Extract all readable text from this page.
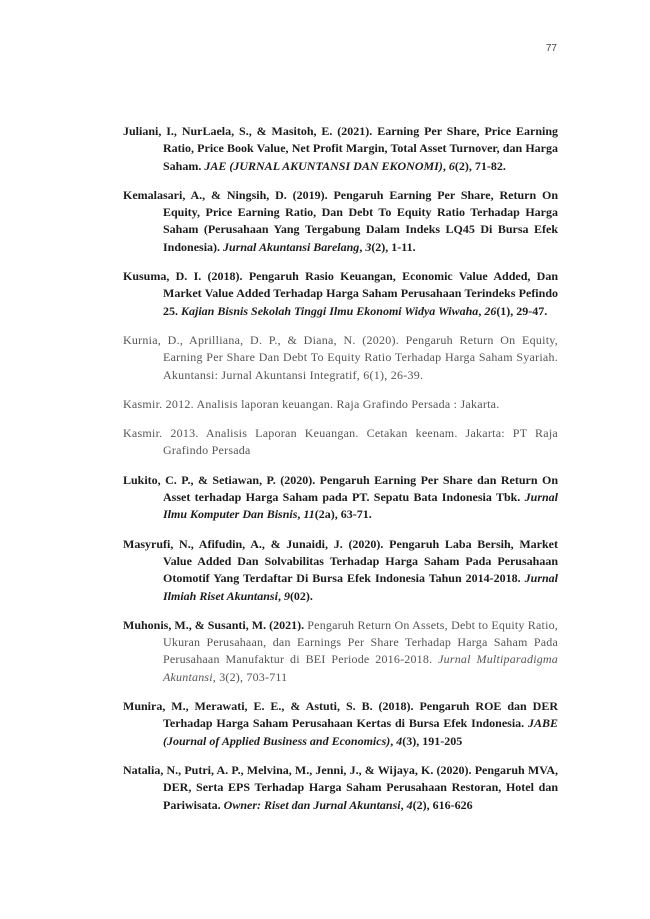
77

Juliani, I., NurLaela, S., & Masitoh, E. (2021). Earning Per Share, Price Earning Ratio, Price Book Value, Net Profit Margin, Total Asset Turnover, dan Harga Saham. JAE (JURNAL AKUNTANSI DAN EKONOMI), 6(2), 71-82.

Kemalasari, A., & Ningsih, D. (2019). Pengaruh Earning Per Share, Return On Equity, Price Earning Ratio, Dan Debt To Equity Ratio Terhadap Harga Saham (Perusahaan Yang Tergabung Dalam Indeks LQ45 Di Bursa Efek Indonesia). Jurnal Akuntansi Barelang, 3(2), 1-11.

Kusuma, D. I. (2018). Pengaruh Rasio Keuangan, Economic Value Added, Dan Market Value Added Terhadap Harga Saham Perusahaan Terindeks Pefindo 25. Kajian Bisnis Sekolah Tinggi Ilmu Ekonomi Widya Wiwaha, 26(1), 29-47.

Kurnia, D., Aprilliana, D. P., & Diana, N. (2020). Pengaruh Return On Equity, Earning Per Share Dan Debt To Equity Ratio Terhadap Harga Saham Syariah. Akuntansi: Jurnal Akuntansi Integratif, 6(1), 26-39.

Kasmir. 2012. Analisis laporan keuangan. Raja Grafindo Persada : Jakarta.

Kasmir. 2013. Analisis Laporan Keuangan. Cetakan keenam. Jakarta: PT Raja Grafindo Persada

Lukito, C. P., & Setiawan, P. (2020). Pengaruh Earning Per Share dan Return On Asset terhadap Harga Saham pada PT. Sepatu Bata Indonesia Tbk. Jurnal Ilmu Komputer Dan Bisnis, 11(2a), 63-71.

Masyrufi, N., Afifudin, A., & Junaidi, J. (2020). Pengaruh Laba Bersih, Market Value Added Dan Solvabilitas Terhadap Harga Saham Pada Perusahaan Otomotif Yang Terdaftar Di Bursa Efek Indonesia Tahun 2014-2018. Jurnal Ilmiah Riset Akuntansi, 9(02).

Muhonis, M., & Susanti, M. (2021). Pengaruh Return On Assets, Debt to Equity Ratio, Ukuran Perusahaan, dan Earnings Per Share Terhadap Harga Saham Pada Perusahaan Manufaktur di BEI Periode 2016-2018. Jurnal Multiparadigma Akuntansi, 3(2), 703-711

Munira, M., Merawati, E. E., & Astuti, S. B. (2018). Pengaruh ROE dan DER Terhadap Harga Saham Perusahaan Kertas di Bursa Efek Indonesia. JABE (Journal of Applied Business and Economics), 4(3), 191-205

Natalia, N., Putri, A. P., Melvina, M., Jenni, J., & Wijaya, K. (2020). Pengaruh MVA, DER, Serta EPS Terhadap Harga Saham Perusahaan Restoran, Hotel dan Pariwisata. Owner: Riset dan Jurnal Akuntansi, 4(2), 616-626
